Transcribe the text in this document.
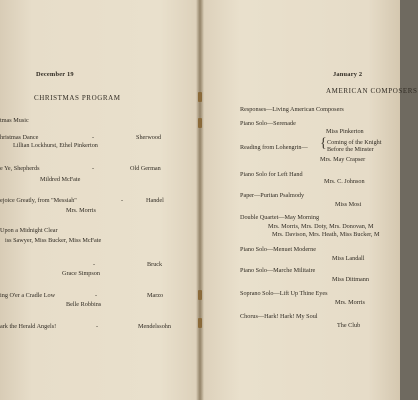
December 19
CHRISTMAS PROGRAM
tmas Music
hristmas Dance	-	Sherwood
Lillian Lockhurst, Ethel Pinkerton
e Ye, Shepherds	-	Old German
Mildred McFate
ejoice Greatly, from "Messiah"	-	Handel
Mrs. Morris
Upon a Midnight Clear
iss Sawyer, Miss Bucker, Miss McFate
-	Bruck
Grace Simpson
ing O'er a Cradle Low	-	Marzo
Belle Robbins
ark the Herald Angels!	-	Mendelssohn
January 2
AMERICAN COMPOSERS
Responses—Living American Composers
Piano Solo—Serenade
Miss Pinkerton
Reading from Lohengrin— { Coming of the Knight
Before the Minster
Mrs. May Crapser
Piano Solo for Left Hand
Mrs. C. Johnson
Paper—Puritan Psalmody
Miss Mosi
Double Quartet—May Morning
Mrs. Morris, Mrs. Doty, Mrs. Donovan, M
Mrs. Davison, Mrs. Heath, Miss Bucker, M
Piano Solo—Menuet Moderne
Miss Landall
Piano Solo—Marche Militaire
Miss Dittmann
Soprano Solo—Lift Up Thine Eyes
Mrs. Morris
Chorus—Hark! Hark! My Soul
The Club
